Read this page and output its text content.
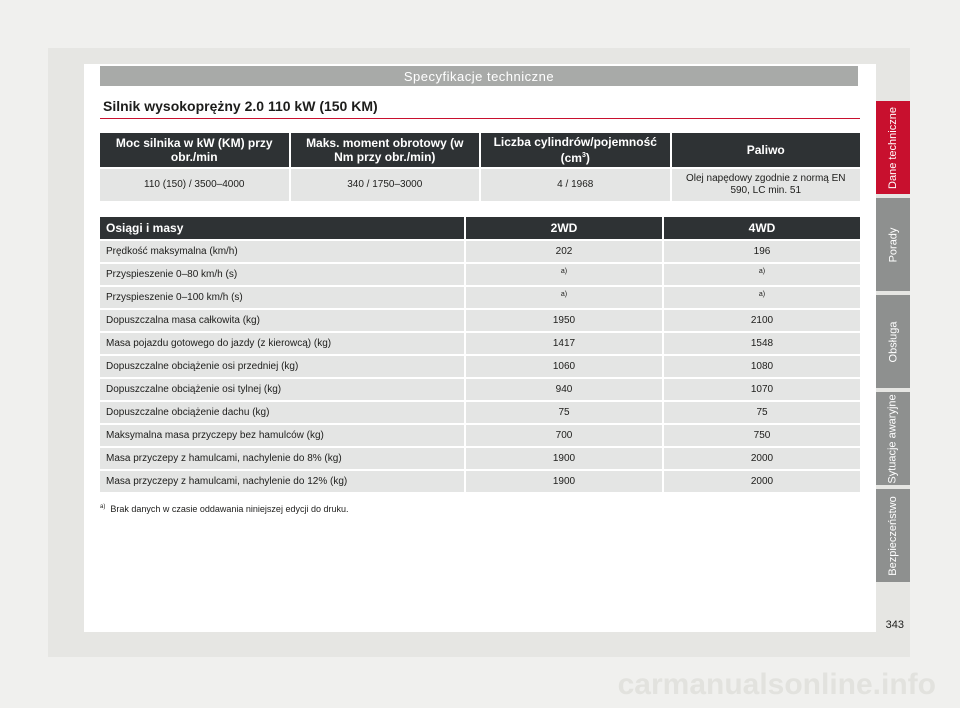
Specyfikacje techniczne
Silnik wysokoprężny 2.0 110 kW (150 KM)
Moc silnika w kW (KM) przy obr./min	Maks. moment obrotowy (w Nm przy obr./min)	Liczba cylindrów/pojemność $(cm^3)$	Paliwo
110 (150) / 3500–4000	340 / 1750–3000	4 / 1968	Olej napędowy zgodnie z normą EN 590, LC min. 51
Osiągi i masy	2WD	4WD
Prędkość maksymalna (km/h)	202	196
Przyspieszenie 0–80 km/h (s)	$^{a)}$	$^{a)}$
Przyspieszenie 0–100 km/h (s)	$^{a)}$	$^{a)}$
Dopuszczalna masa całkowita (kg)	1950	2100
Masa pojazdu gotowego do jazdy (z kierowcą) (kg)	1417	1548
Dopuszczalne obciążenie osi przedniej (kg)	1060	1080
Dopuszczalne obciążenie osi tylnej (kg)	940	1070
Dopuszczalne obciążenie dachu (kg)	75	75
Maksymalna masa przyczepy bez hamulców (kg)	700	750
Masa przyczepy z hamulcami, nachylenie do 8% (kg)	1900	2000
Masa przyczepy z hamulcami, nachylenie do 12% (kg)	1900	2000
$^{a)}$ Brak danych w czasie oddawania niniejszej edycji do druku.
Dane techniczne
Porady
Obsługa
Sytuacje awaryjne
Bezpieczeństwo
343
carmanualsonline.info
